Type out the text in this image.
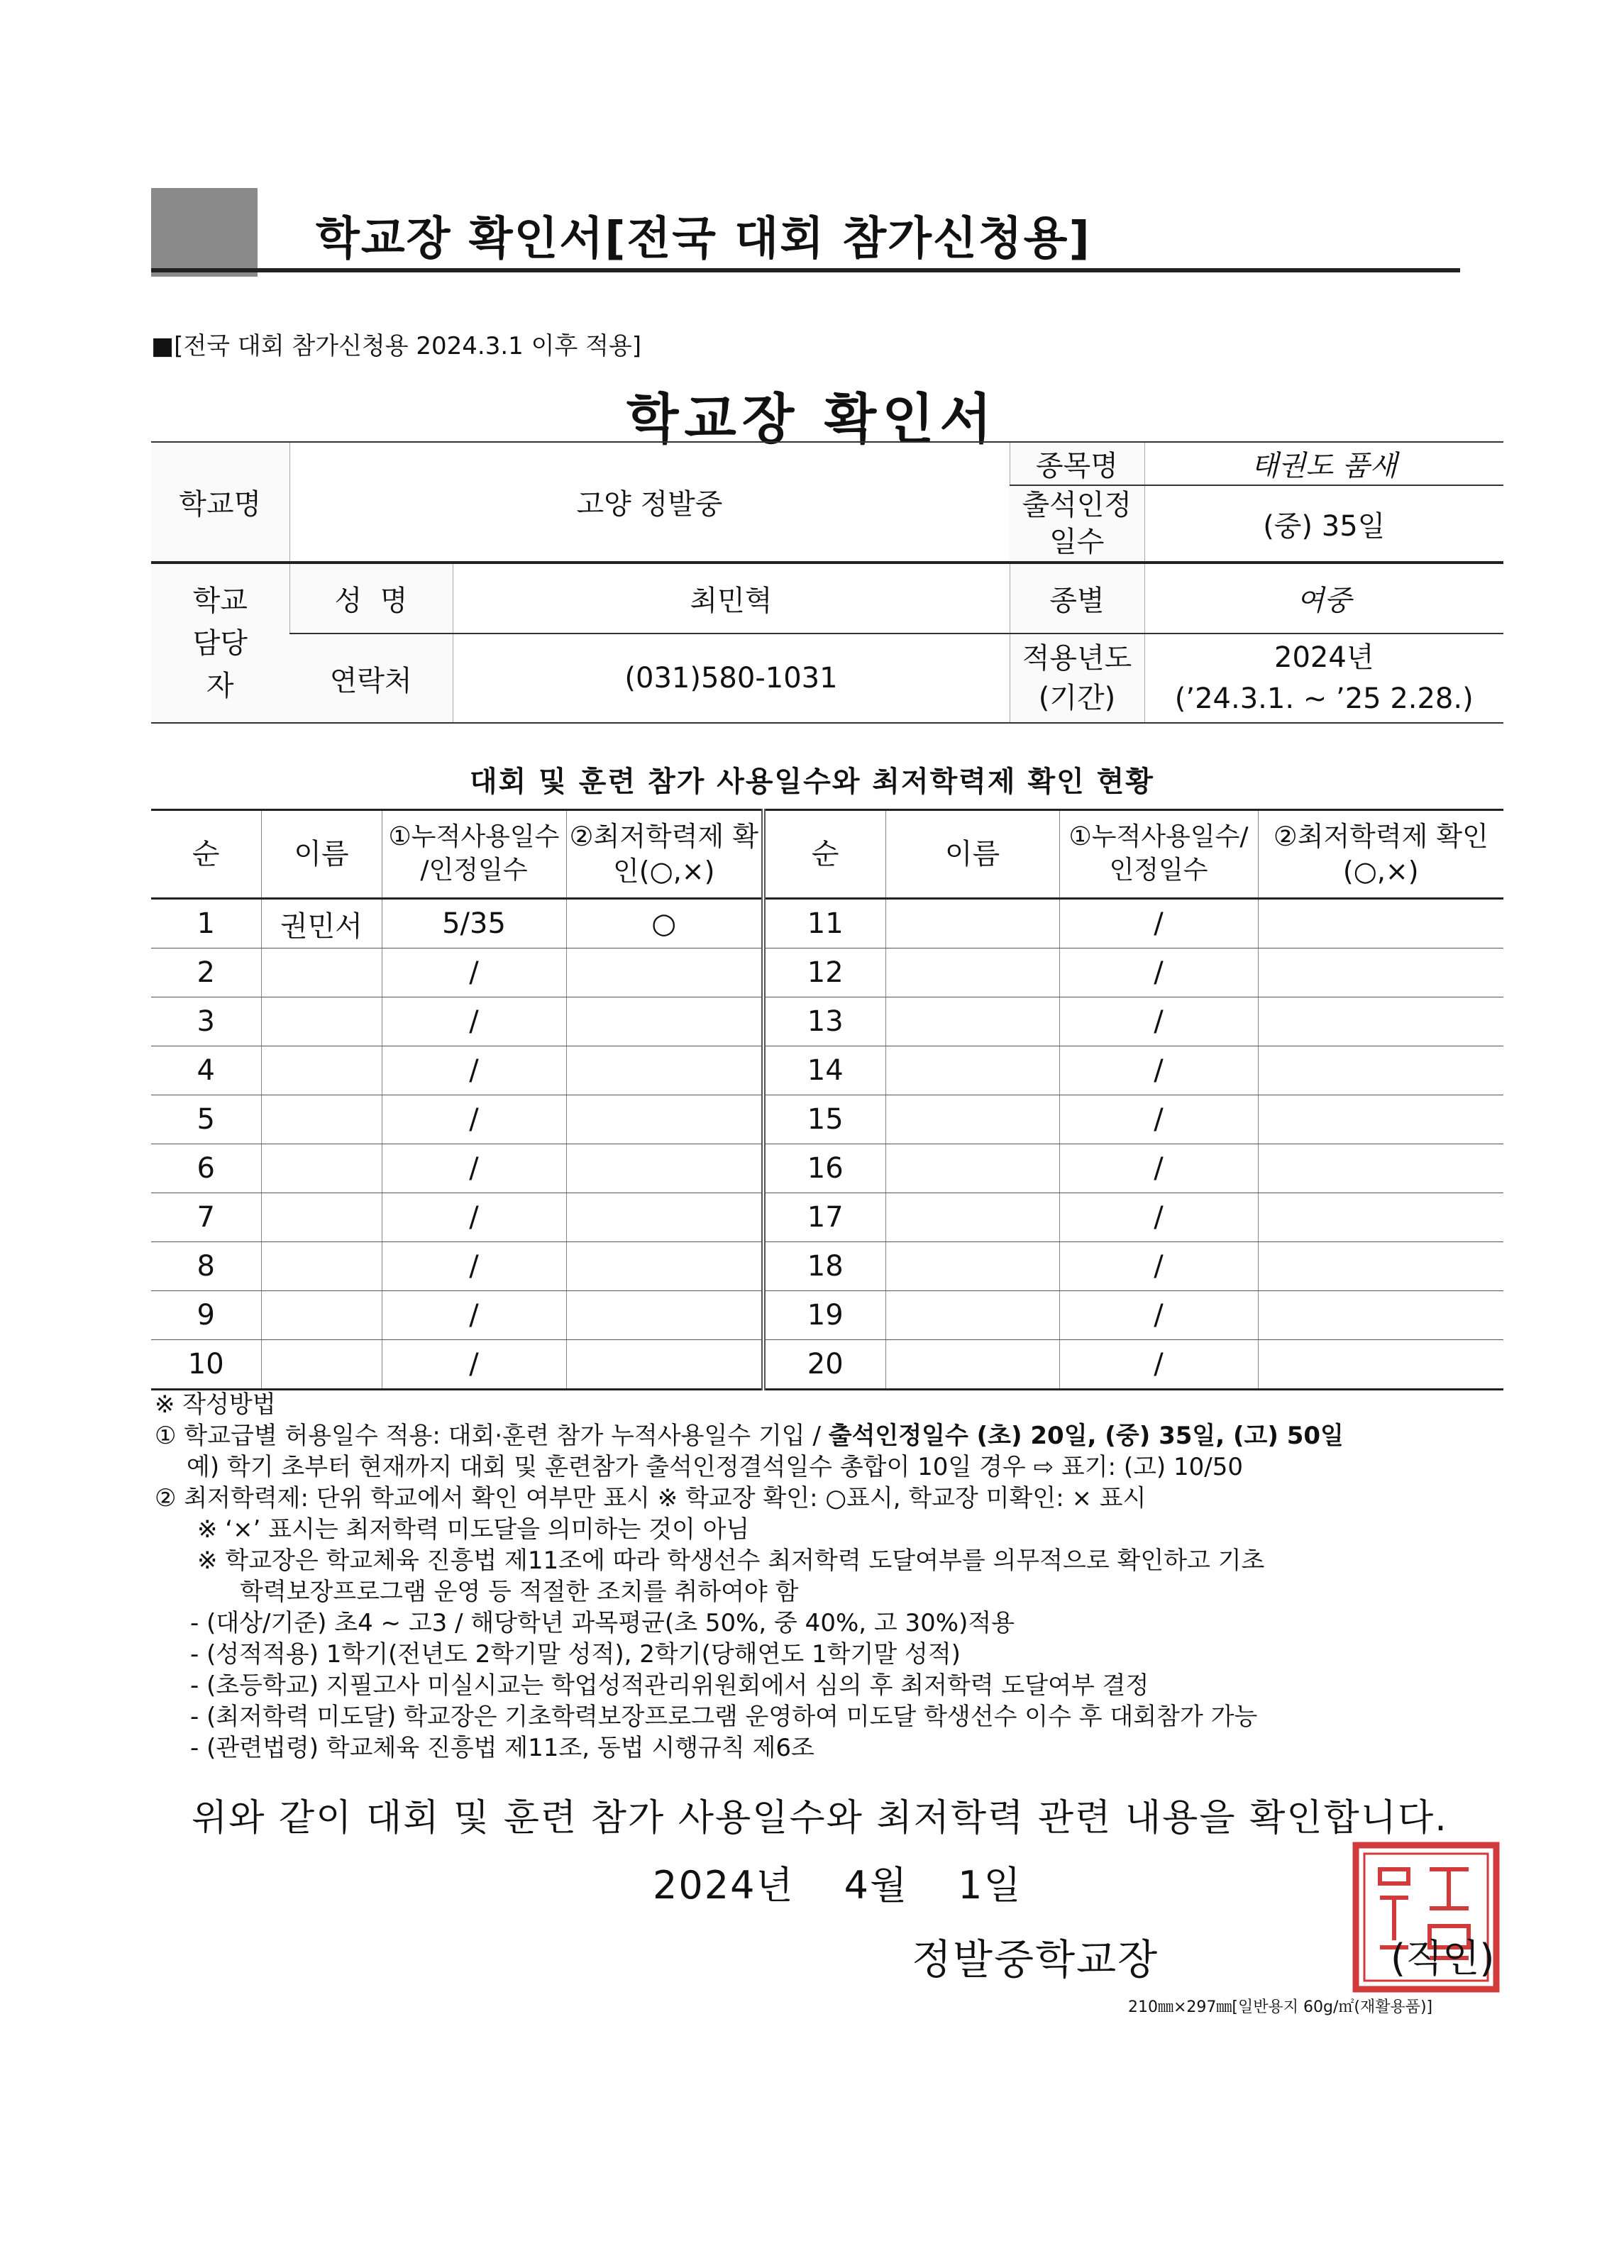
학교장 확인서[전국 대회 참가신청용]
■[전국 대회 참가신청용 2024.3.1 이후 적용]
학교장 확인서
학교명	고양 정발중		종목명	태권도 품새
			출석인정 일수	(중) 35일
학교 담당자	성  명	최민혁	종별	여중
	연락처	(031)580-1031	적용년도 (기간)	2024년
(’24.3.1. ~ ’25 2.28.)
대회 및 훈련 참가 사용일수와 최저학력제 확인 현황
순	이름	①누적사용일수 /인정일수	②최저학력제 확인(○,×)	순	이름	①누적사용일수/ 인정일수	②최저학력제 확인(○,×)
1	권민서	5/35	○	11		/	
2		/		12		/	
3		/		13		/	
4		/		14		/	
5		/		15		/	
6		/		16		/	
7		/		17		/	
8		/		18		/	
9		/		19		/	
10		/		20		/	
※ 작성방법
① 학교급별 허용일수 적용: 대회·훈련 참가 누적사용일수 기입 / 출석인정일수 (초) 20일, (중) 35일, (고) 50일
예) 학기 초부터 현재까지 대회 및 훈련참가 출석인정결석일수 총합이 10일 경우 ⇨ 표기: (고) 10/50
② 최저학력제: 단위 학교에서 확인 여부만 표시 ※ 학교장 확인: ○표시, 학교장 미확인: × 표시
※ ‘×’ 표시는 최저학력 미도달을 의미하는 것이 아님
※ 학교장은 학교체육 진흥법 제11조에 따라 학생선수 최저학력 도달여부를 의무적으로 확인하고 기초
학력보장프로그램 운영 등 적절한 조치를 취하여야 함
- (대상/기준) 초4 ~ 고3 / 해당학년 과목평균(초 50%, 중 40%, 고 30%)적용
- (성적적용) 1학기(전년도 2학기말 성적), 2학기(당해연도 1학기말 성적)
- (초등학교) 지필고사 미실시교는 학업성적관리위원회에서 심의 후 최저학력 도달여부 결정
- (최저학력 미도달) 학교장은 기초학력보장프로그램 운영하여 미도달 학생선수 이수 후 대회참가 가능
- (관련법령) 학교체육 진흥법 제11조, 동법 시행규칙 제6조
위와 같이 대회 및 훈련 참가 사용일수와 최저학력 관련 내용을 확인합니다.
2024년 4월 1일
정발중학교장	(직인)
210㎜×297㎜[일반용지 60g/㎡(재활용품)]
